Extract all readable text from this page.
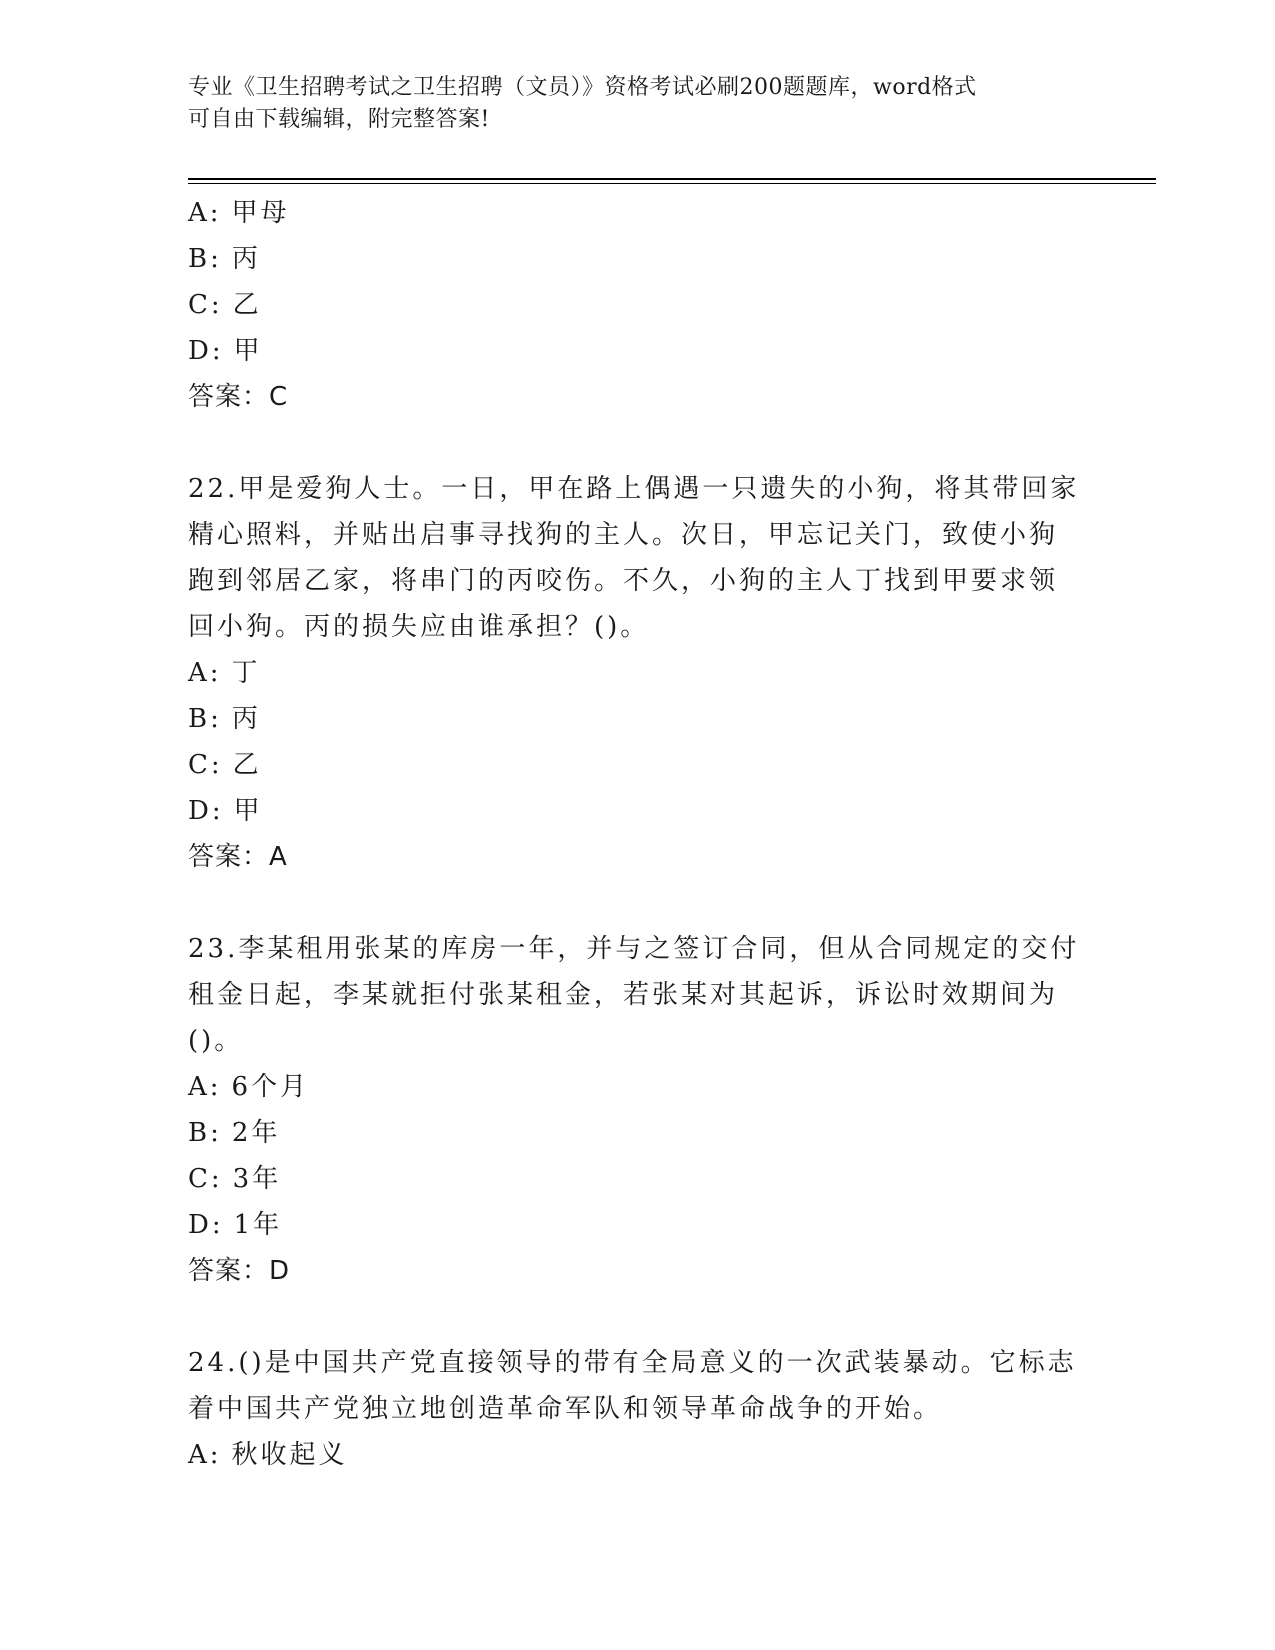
专业《卫生招聘考试之卫生招聘（文员）》资格考试必刷200题题库，word格式
可自由下载编辑，附完整答案!
A: 甲母
B: 丙
C: 乙
D: 甲
答案：C
22.甲是爱狗人士。一日，甲在路上偶遇一只遗失的小狗，将其带回家
精心照料，并贴出启事寻找狗的主人。次日，甲忘记关门，致使小狗
跑到邻居乙家，将串门的丙咬伤。不久，小狗的主人丁找到甲要求领
回小狗。丙的损失应由谁承担？()。
A: 丁
B: 丙
C: 乙
D: 甲
答案：A
23.李某租用张某的库房一年，并与之签订合同，但从合同规定的交付
租金日起，李某就拒付张某租金，若张某对其起诉，诉讼时效期间为
()。
A: 6个月
B: 2年
C: 3年
D: 1年
答案：D
24.()是中国共产党直接领导的带有全局意义的一次武装暴动。它标志
着中国共产党独立地创造革命军队和领导革命战争的开始。
A: 秋收起义
